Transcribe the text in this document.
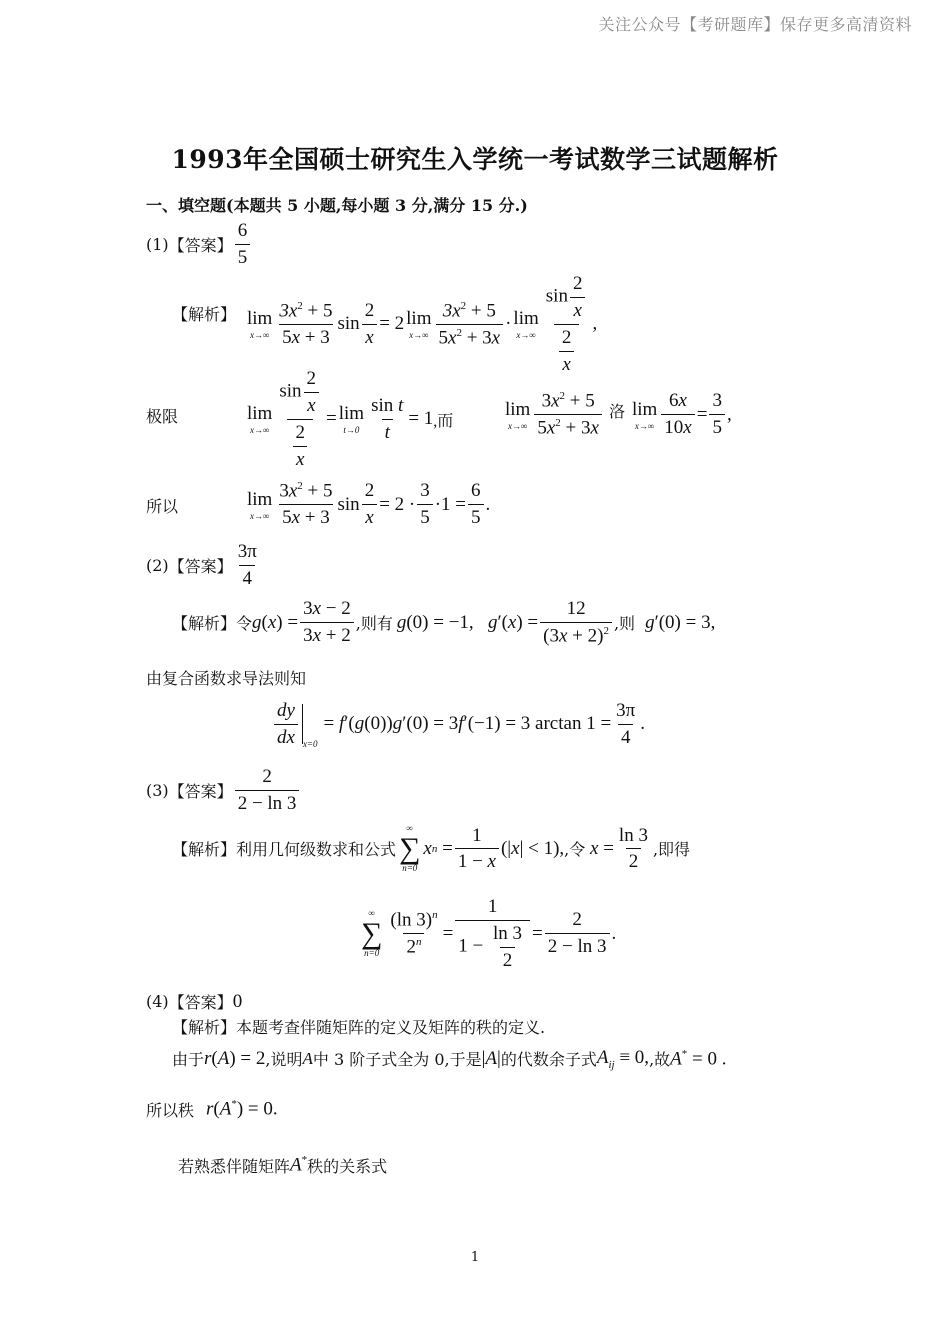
关注公众号【考研题库】保存更多高清资料
1993年全国硕士研究生入学统一考试数学三试题解析
一、填空题(本题共 5 小题,每小题 3 分,满分 15 分.)
(1) 【答案】 $\frac{6}{5}$
【解析】 lim
$x\to\infty \frac{3x^2 + 5}{5x + 3}$ $\sin \frac{2}{x} = 2$ lim
$x\to\infty \frac{3x^2 + 5}{5x^2 + 3x} \cdot \lim$
$x\to\infty \frac{\sin \frac{2}{x}}{\frac{2}{x}}$ ,
极限	lim
$x\to\infty \frac{\sin \frac{2}{x}}{\frac{2}{x}} = \lim$
$t\to 0 \frac{\text{sin t}}{t} = 1$ ,而
lim
$x\to\infty \frac{3x^2 + 5}{5x^2 + 3x}$ 洛 lim
$x\to\infty \frac{6x}{10x} = \frac{3}{5}$ ,
所以	lim
$x\to\infty \frac{3x^2 + 5}{5x + 3}$ $\sin \frac{2}{x} = 2 \cdot \frac{3}{5} \cdot 1 = \frac{6}{5}$ .
(2) 【答案】 $\frac{3\pi}{4}$
【解析】 令 g ( x ) = $\frac{3x - 2}{3x + 2}$ ,则有 g(0) = −1,   $g'(x) = \frac{12}{(3x + 2)^2}$ ,则 g′(0) = 3,
由复合函数求导法则知
$\frac{dy}{dx} x=0$
= f ′( g (0)) g ′(0) = 3 f ′(−1) = 3 $\arctan 1 = \frac{3\pi}{4}$ .
(3) 【答案】 $\frac{2}{2 - \ln 3}$
【解析】 利用几何级数求和公式
∞
∑
n=0
x $n = \frac{1}{1 - x}$ (| x | < 1), ,令
$x = \frac{\ln 3}{2}$ ,即得
∞
∑
$n=0 \frac{(\ln 3)^n}{2^n} = \frac{1}{1 - \frac{\ln 3}{2}} = \frac{2}{2 - \ln 3}$ .
(4) 【答案】 0
【解析】本题考查伴随矩阵的定义及矩阵的秩的定义.
由于 r(A) = 2 ,说明 A 中 3 阶子式全为 0,于是 |A| 的代数余子式 $A_{ij} \equiv 0$, ,故 A* = 0 .
所以秩 r(A*) = 0.
若熟悉伴随矩阵 A* 秩的关系式
1
